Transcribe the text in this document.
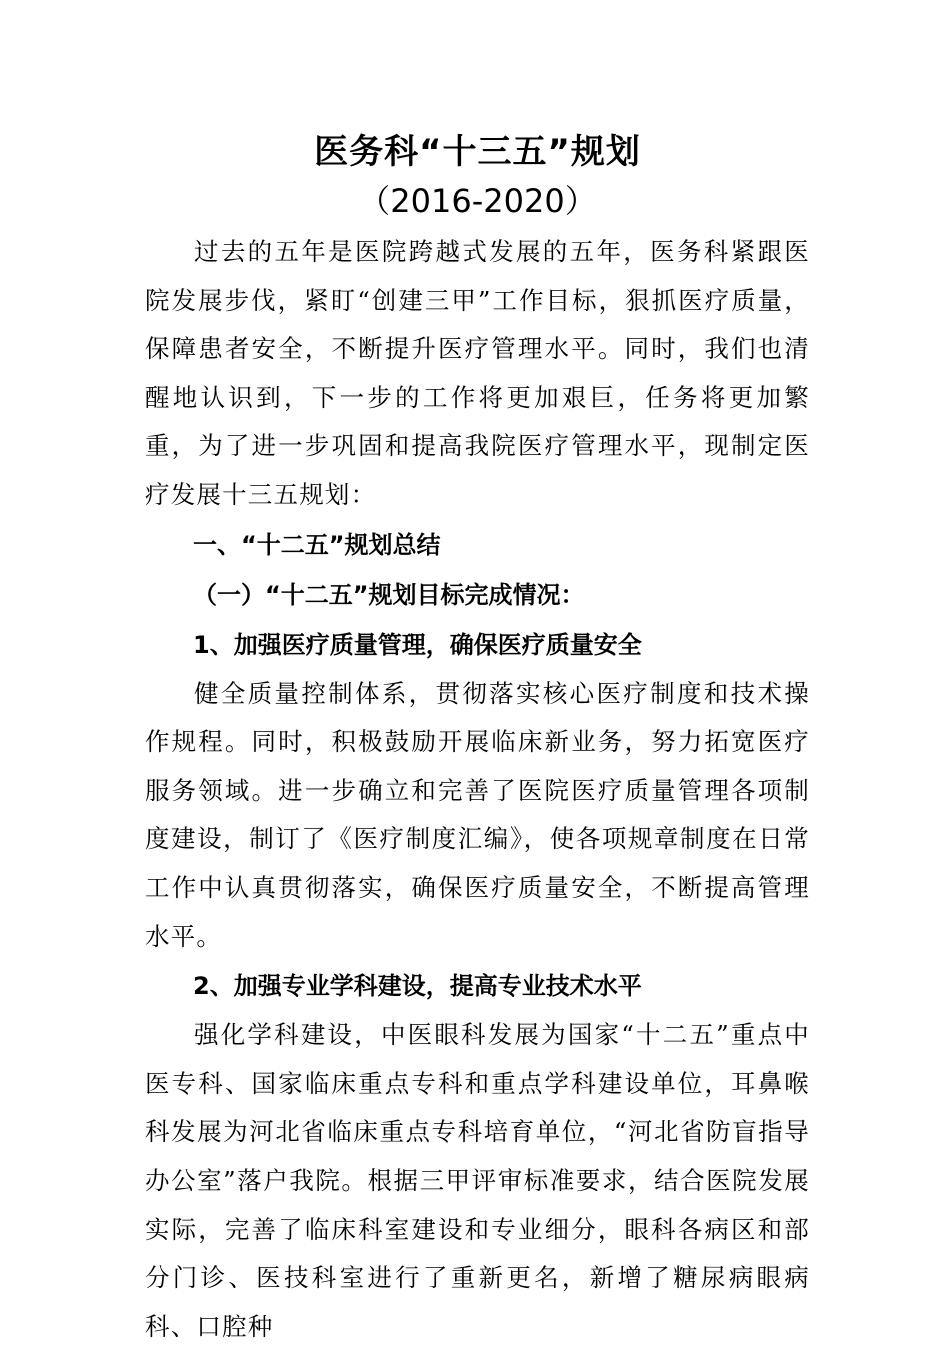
医务科“十三五”规划

（2016-2020）

过去的五年是医院跨越式发展的五年，医务科紧跟医院发展步伐，紧盯“创建三甲”工作目标，狠抓医疗质量，保障患者安全，不断提升医疗管理水平。同时，我们也清醒地认识到，下一步的工作将更加艰巨，任务将更加繁重，为了进一步巩固和提高我院医疗管理水平，现制定医疗发展十三五规划：

一、“十二五”规划总结

（一）“十二五”规划目标完成情况：

1、加强医疗质量管理，确保医疗质量安全

健全质量控制体系，贯彻落实核心医疗制度和技术操作规程。同时，积极鼓励开展临床新业务，努力拓宽医疗服务领域。进一步确立和完善了医院医疗质量管理各项制度建设，制订了《医疗制度汇编》，使各项规章制度在日常工作中认真贯彻落实，确保医疗质量安全，不断提高管理水平。

2、加强专业学科建设，提高专业技术水平

强化学科建设，中医眼科发展为国家“十二五”重点中医专科、国家临床重点专科和重点学科建设单位，耳鼻喉科发展为河北省临床重点专科培育单位，“河北省防盲指导办公室”落户我院。根据三甲评审标准要求，结合医院发展实际，完善了临床科室建设和专业细分，眼科各病区和部分门诊、医技科室进行了重新更名，新增了糖尿病眼病科、口腔种
